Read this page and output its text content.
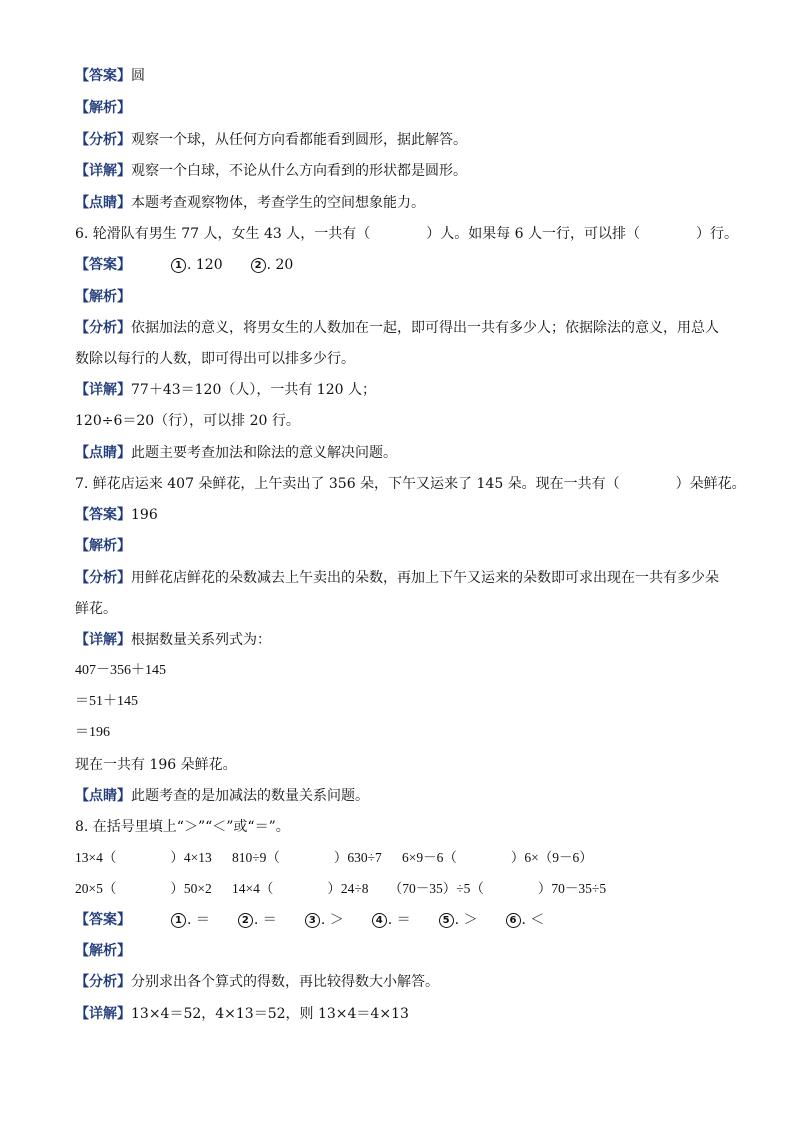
【答案】圆
【解析】
【分析】观察一个球，从任何方向看都能看到圆形，据此解答。
【详解】观察一个白球，不论从什么方向看到的形状都是圆形。
【点睛】本题考查观察物体，考查学生的空间想象能力。
6. 轮滑队有男生 77 人，女生 43 人，一共有（　　　　）人。如果每 6 人一行，可以排（　　　　）行。
【答案】	1 . 120	2 . 20
【解析】
【分析】依据加法的意义，将男女生的人数加在一起，即可得出一共有多少人；依据除法的意义，用总人
数除以每行的人数，即可得出可以排多少行。
【详解】77＋43＝120（人），一共有 120 人；
120÷6＝20（行），可以排 20 行。
【点睛】此题主要考查加法和除法的意义解决问题。
7. 鲜花店运来 407 朵鲜花，上午卖出了 356 朵，下午又运来了 145 朵。现在一共有（　　　　）朵鲜花。
【答案】196
【解析】
【分析】用鲜花店鲜花的朵数减去上午卖出的朵数，再加上下午又运来的朵数即可求出现在一共有多少朵
鲜花。
【详解】根据数量关系列式为：
407－356＋145
＝51＋145
＝196
现在一共有 196 朵鲜花。
【点睛】此题考查的是加减法的数量关系问题。
8. 在括号里填上“＞”“＜”或“＝”。
13×4（　　　　）4×13　  810÷9（　　　　）630÷7　  6×9－6（　　　　）6×（9－6）
20×5（　　　　）50×2　  14×4（　　　　）24÷8　  （70－35）÷5（　　　　）70－35÷5
【答案】	1 . ＝	2 . ＝	3 . ＞	4 . ＝	5 . ＞	6 . ＜
【解析】
【分析】分别求出各个算式的得数，再比较得数大小解答。
【详解】13×4＝52，4×13＝52，则 13×4＝4×13
